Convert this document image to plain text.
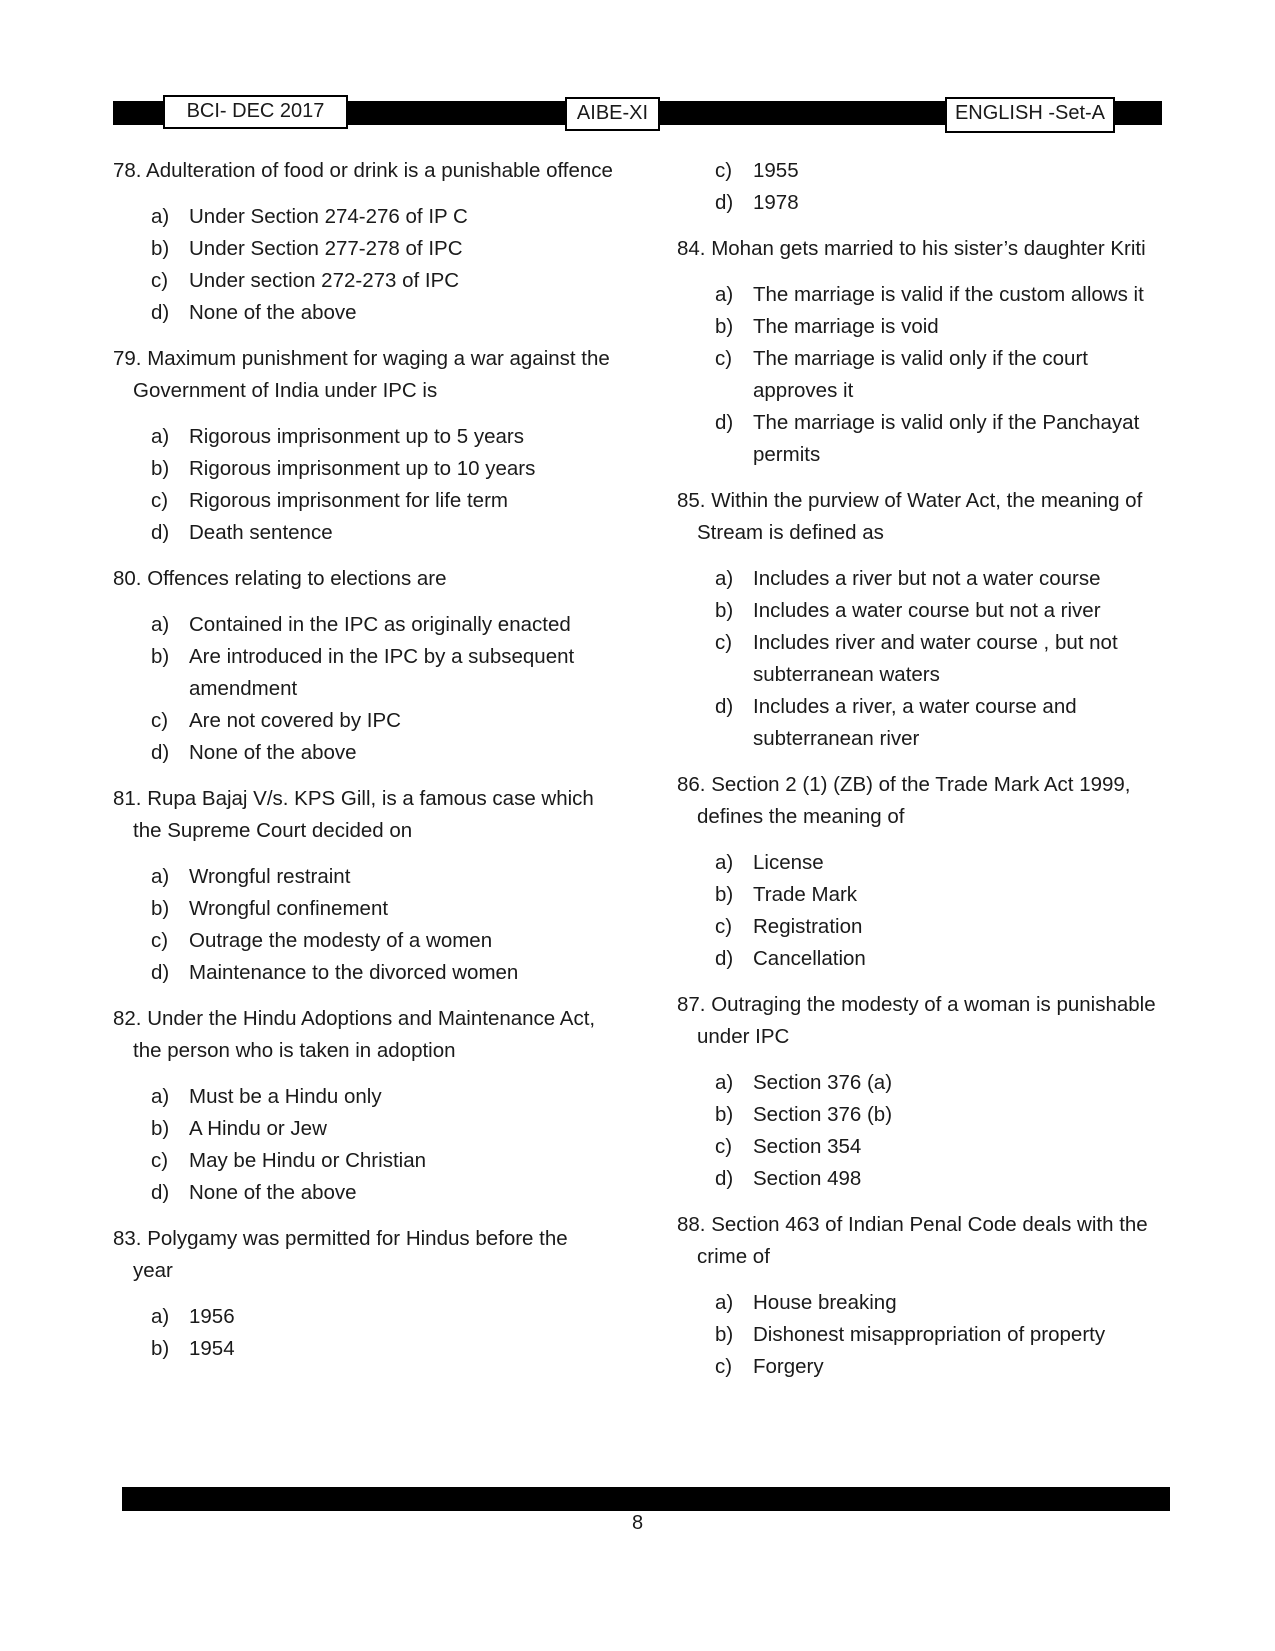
BCI- DEC 2017	AIBE-XI	ENGLISH -Set-A
78. Adulteration of food or drink is a punishable offence
a) Under Section 274-276 of IP C
b) Under Section 277-278 of IPC
c)	Under section 272-273 of IPC
d) None of the above
79. Maximum punishment for waging a war against the Government of India under IPC is
a) Rigorous imprisonment up to 5 years
b) Rigorous imprisonment up to 10 years
c)	Rigorous imprisonment for life term
d) Death sentence
80. Offences relating to elections are
a) Contained in the IPC as originally enacted
b) Are introduced in the IPC by a subsequent amendment
c)	Are not covered by IPC
d) None of the above
81. Rupa Bajaj V/s. KPS Gill, is a famous case which the Supreme Court decided on
a) Wrongful restraint
b) Wrongful confinement
c)	Outrage the modesty of a women
d) Maintenance to the divorced women
82. Under the Hindu Adoptions and Maintenance Act, the person who is taken in adoption
a) Must be a Hindu only
b) A Hindu or Jew
c)	May be Hindu or Christian
d) None of the above
83. Polygamy was permitted for Hindus before the year
a) 1956
b) 1954
c)	1955
d) 1978
84. Mohan gets married to his sister’s daughter Kriti
a) The marriage is valid if the custom allows it
b) The marriage is void
c)	The marriage is valid only if the court approves it
d) The marriage is valid only if the Panchayat permits
85. Within the purview of Water Act, the meaning of Stream is defined as
a) Includes a river but not a water course
b) Includes a water course but not a river
c)	Includes river and water course , but not subterranean waters
d) Includes a river, a water course and subterranean river
86. Section 2 (1) (ZB) of the Trade Mark Act 1999, defines the meaning of
a) License
b) Trade Mark
c)	Registration
d) Cancellation
87. Outraging the modesty of a woman is punishable under IPC
a) Section 376 (a)
b) Section 376 (b)
c)	Section 354
d) Section 498
88. Section 463 of Indian Penal Code deals with the crime of
a) House breaking
b) Dishonest misappropriation of property
c)	Forgery
8
